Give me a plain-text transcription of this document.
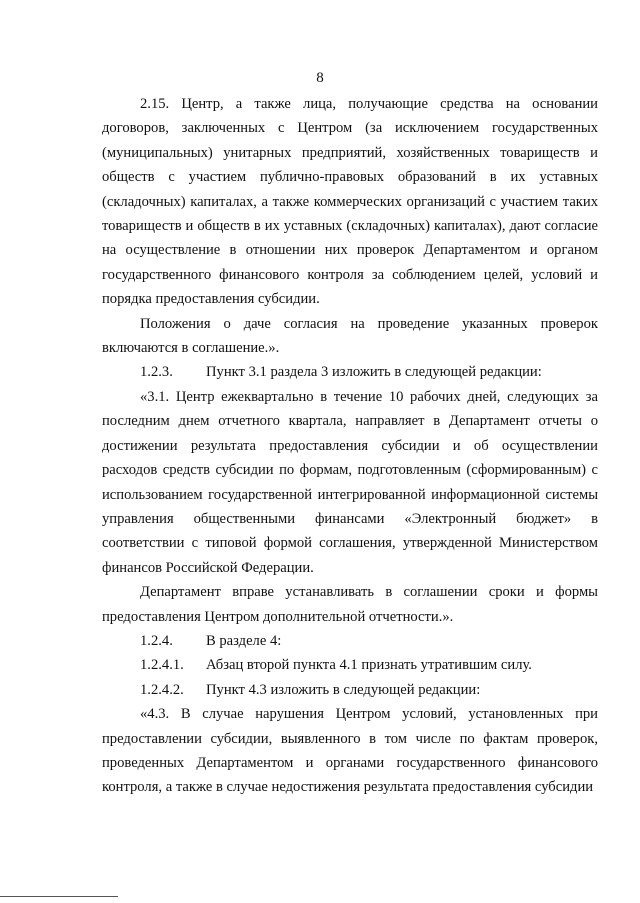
8

2.15. Центр, а также лица, получающие средства на основании договоров, заключенных с Центром (за исключением государственных (муниципальных) унитарных предприятий, хозяйственных товариществ и обществ с участием публично-правовых образований в их уставных (складочных) капиталах, а также коммерческих организаций с участием таких товариществ и обществ в их уставных (складочных) капиталах), дают согласие на осуществление в отношении них проверок Департаментом и органом государственного финансового контроля за соблюдением целей, условий и порядка предоставления субсидии.

Положения о даче согласия на проведение указанных проверок включаются в соглашение.».

1.2.3. Пункт 3.1 раздела 3 изложить в следующей редакции:

«3.1. Центр ежеквартально в течение 10 рабочих дней, следующих за последним днем отчетного квартала, направляет в Департамент отчеты о достижении результата предоставления субсидии и об осуществлении расходов средств субсидии по формам, подготовленным (сформированным) с использованием государственной интегрированной информационной системы управления общественными финансами «Электронный бюджет» в соответствии с типовой формой соглашения, утвержденной Министерством финансов Российской Федерации.

Департамент вправе устанавливать в соглашении сроки и формы предоставления Центром дополнительной отчетности.».

1.2.4. В разделе 4:

1.2.4.1. Абзац второй пункта 4.1 признать утратившим силу.

1.2.4.2. Пункт 4.3 изложить в следующей редакции:

«4.3. В случае нарушения Центром условий, установленных при предоставлении субсидии, выявленного в том числе по фактам проверок, проведенных Департаментом и органами государственного финансового контроля, а также в случае недостижения результата предоставления субсидии
